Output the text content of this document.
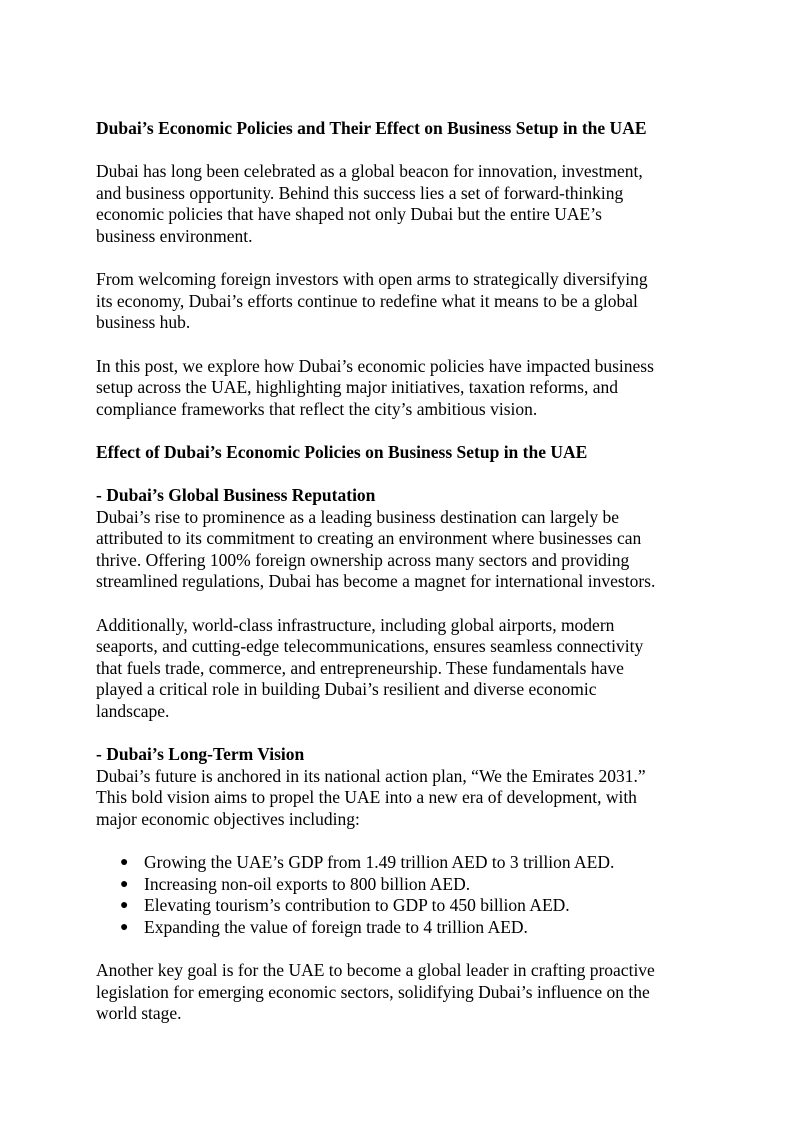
Dubai’s Economic Policies and Their Effect on Business Setup in the UAE

Dubai has long been celebrated as a global beacon for innovation, investment,
and business opportunity. Behind this success lies a set of forward-thinking
economic policies that have shaped not only Dubai but the entire UAE’s
business environment.

From welcoming foreign investors with open arms to strategically diversifying
its economy, Dubai’s efforts continue to redefine what it means to be a global
business hub.

In this post, we explore how Dubai’s economic policies have impacted business
setup across the UAE, highlighting major initiatives, taxation reforms, and
compliance frameworks that reflect the city’s ambitious vision.

Effect of Dubai’s Economic Policies on Business Setup in the UAE

- Dubai’s Global Business Reputation

Dubai’s rise to prominence as a leading business destination can largely be
attributed to its commitment to creating an environment where businesses can
thrive. Offering 100% foreign ownership across many sectors and providing
streamlined regulations, Dubai has become a magnet for international investors.

Additionally, world-class infrastructure, including global airports, modern
seaports, and cutting-edge telecommunications, ensures seamless connectivity
that fuels trade, commerce, and entrepreneurship. These fundamentals have
played a critical role in building Dubai’s resilient and diverse economic
landscape.

- Dubai’s Long-Term Vision

Dubai’s future is anchored in its national action plan, “We the Emirates 2031.”
This bold vision aims to propel the UAE into a new era of development, with
major economic objectives including:

● Growing the UAE’s GDP from 1.49 trillion AED to 3 trillion AED.
● Increasing non-oil exports to 800 billion AED.
● Elevating tourism’s contribution to GDP to 450 billion AED.
● Expanding the value of foreign trade to 4 trillion AED.

Another key goal is for the UAE to become a global leader in crafting proactive
legislation for emerging economic sectors, solidifying Dubai’s influence on the
world stage.
